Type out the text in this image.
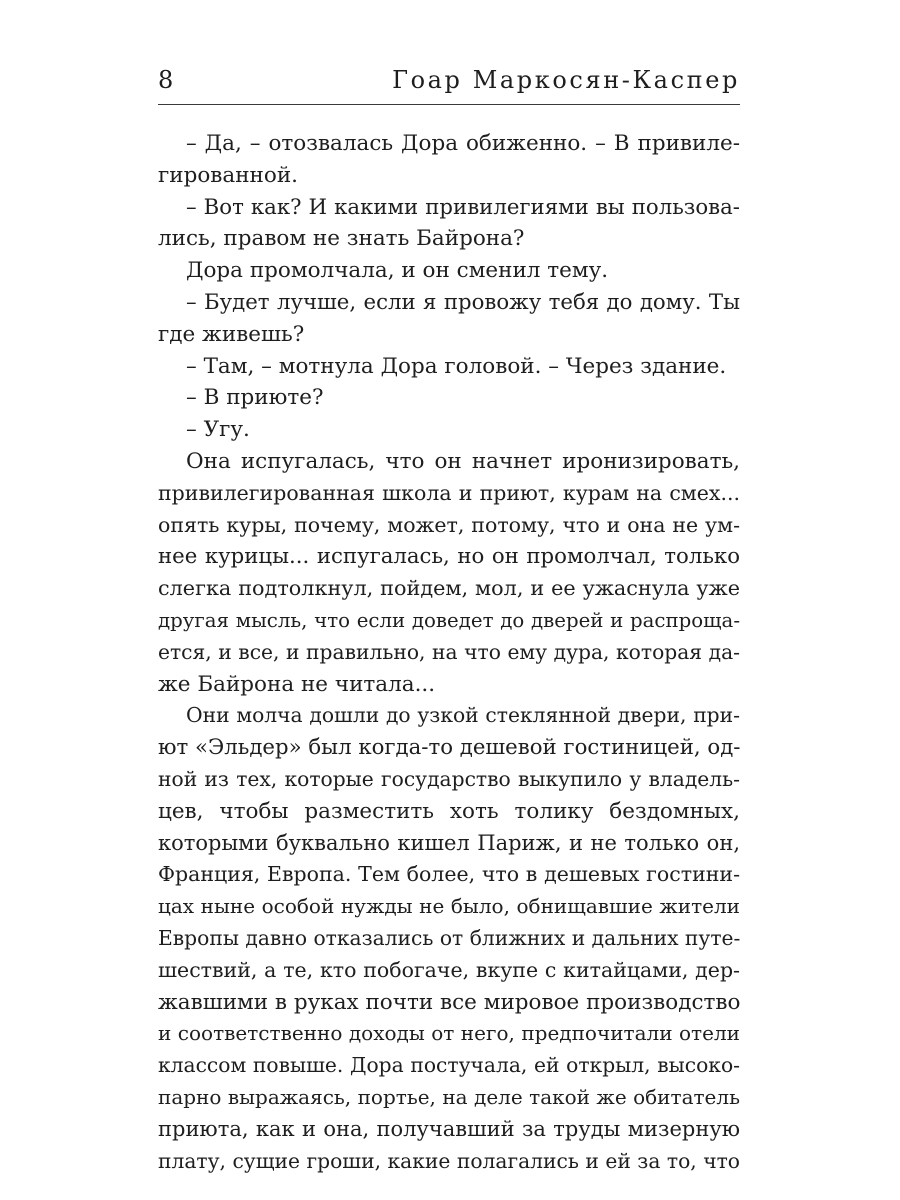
8	Гоар Маркосян-Каспер
– Да, – отозвалась Дора обиженно. – В привиле-
гированной.
– Вот как? И какими привилегиями вы пользова-
лись, правом не знать Байрона?
Дора промолчала, и он сменил тему.
– Будет лучше, если я провожу тебя до дому. Ты
где живешь?
– Там, – мотнула Дора головой. – Через здание.
– В приюте?
– Угу.
Она испугалась, что он начнет иронизировать,
привилегированная школа и приют, курам на смех...
опять куры, почему, может, потому, что и она не ум-
нее курицы... испугалась, но он промолчал, только
слегка подтолкнул, пойдем, мол, и ее ужаснула уже
другая мысль, что если доведет до дверей и распроща-
ется, и все, и правильно, на что ему дура, которая да-
же Байрона не читала...
Они молча дошли до узкой стеклянной двери, при-
ют «Эльдер» был когда-то дешевой гостиницей, од-
ной из тех, которые государство выкупило у владель-
цев, чтобы разместить хоть толику бездомных,
которыми буквально кишел Париж, и не только он,
Франция, Европа. Тем более, что в дешевых гостини-
цах ныне особой нужды не было, обнищавшие жители
Европы давно отказались от ближних и дальних путе-
шествий, а те, кто побогаче, вкупе с китайцами, дер-
жавшими в руках почти все мировое производство
и соответственно доходы от него, предпочитали отели
классом повыше. Дора постучала, ей открыл, высоко-
парно выражаясь, портье, на деле такой же обитатель
приюта, как и она, получавший за труды мизерную
плату, сущие гроши, какие полагались и ей за то, что
